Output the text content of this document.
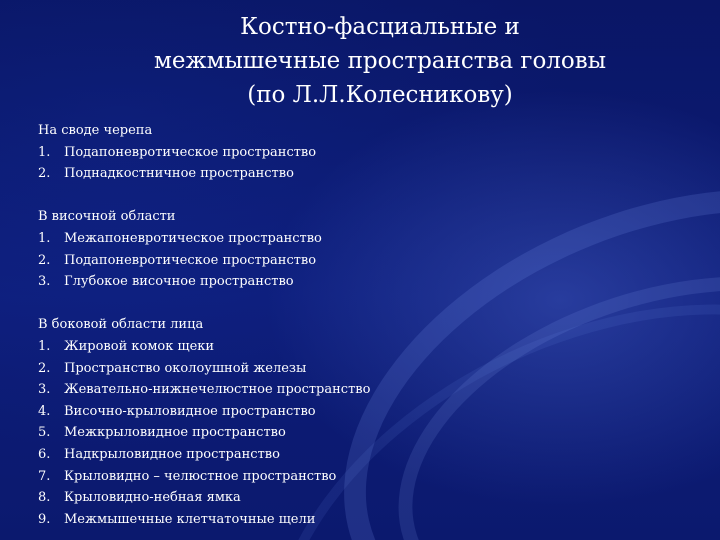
Костно-фасциальные и
межмышечные пространства головы
(по Л.Л.Колесникову)
На своде черепа
1. Подапоневротическое пространство
2. Поднадкостничное пространство
В височной области
1. Межапоневротическое пространство
2. Подапоневротическое пространство
3. Глубокое височное пространство
В боковой области лица
1. Жировой комок щеки
2. Пространство околоушной железы
3. Жевательно-нижнечелюстное пространство
4. Височно-крыловидное пространство
5. Межкрыловидное пространство
6. Надкрыловидное пространство
7. Крыловидно – челюстное пространство
8. Крыловидно-небная ямка
9. Межмышечные клетчаточные щели
